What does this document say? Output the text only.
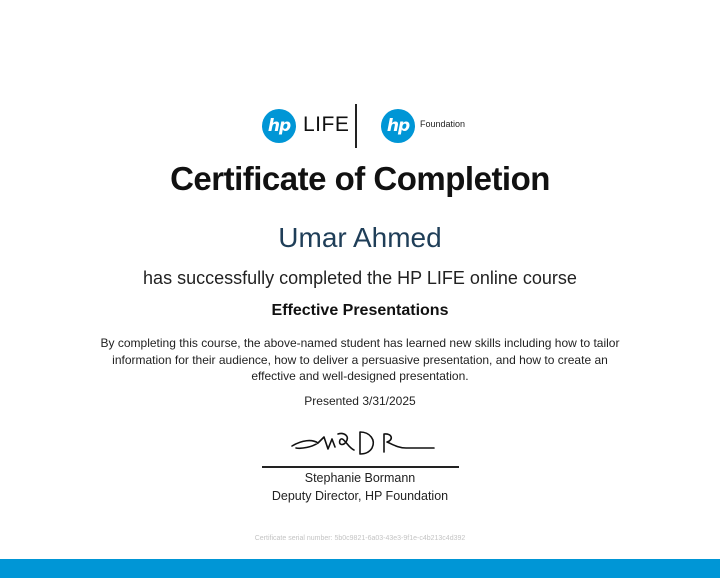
hp LIFE	hp	Foundation
Certificate of Completion
Umar Ahmed
has successfully completed the HP LIFE online course
Effective Presentations
By completing this course, the above-named student has learned new skills including how to tailor information for their audience, how to deliver a persuasive presentation, and how to create an effective and well-designed presentation.
Presented 3/31/2025
Stephanie Bormann
Deputy Director, HP Foundation
Certificate serial number: 5b0c9821-6a03-43e3-9f1e-c4b213c4d392
